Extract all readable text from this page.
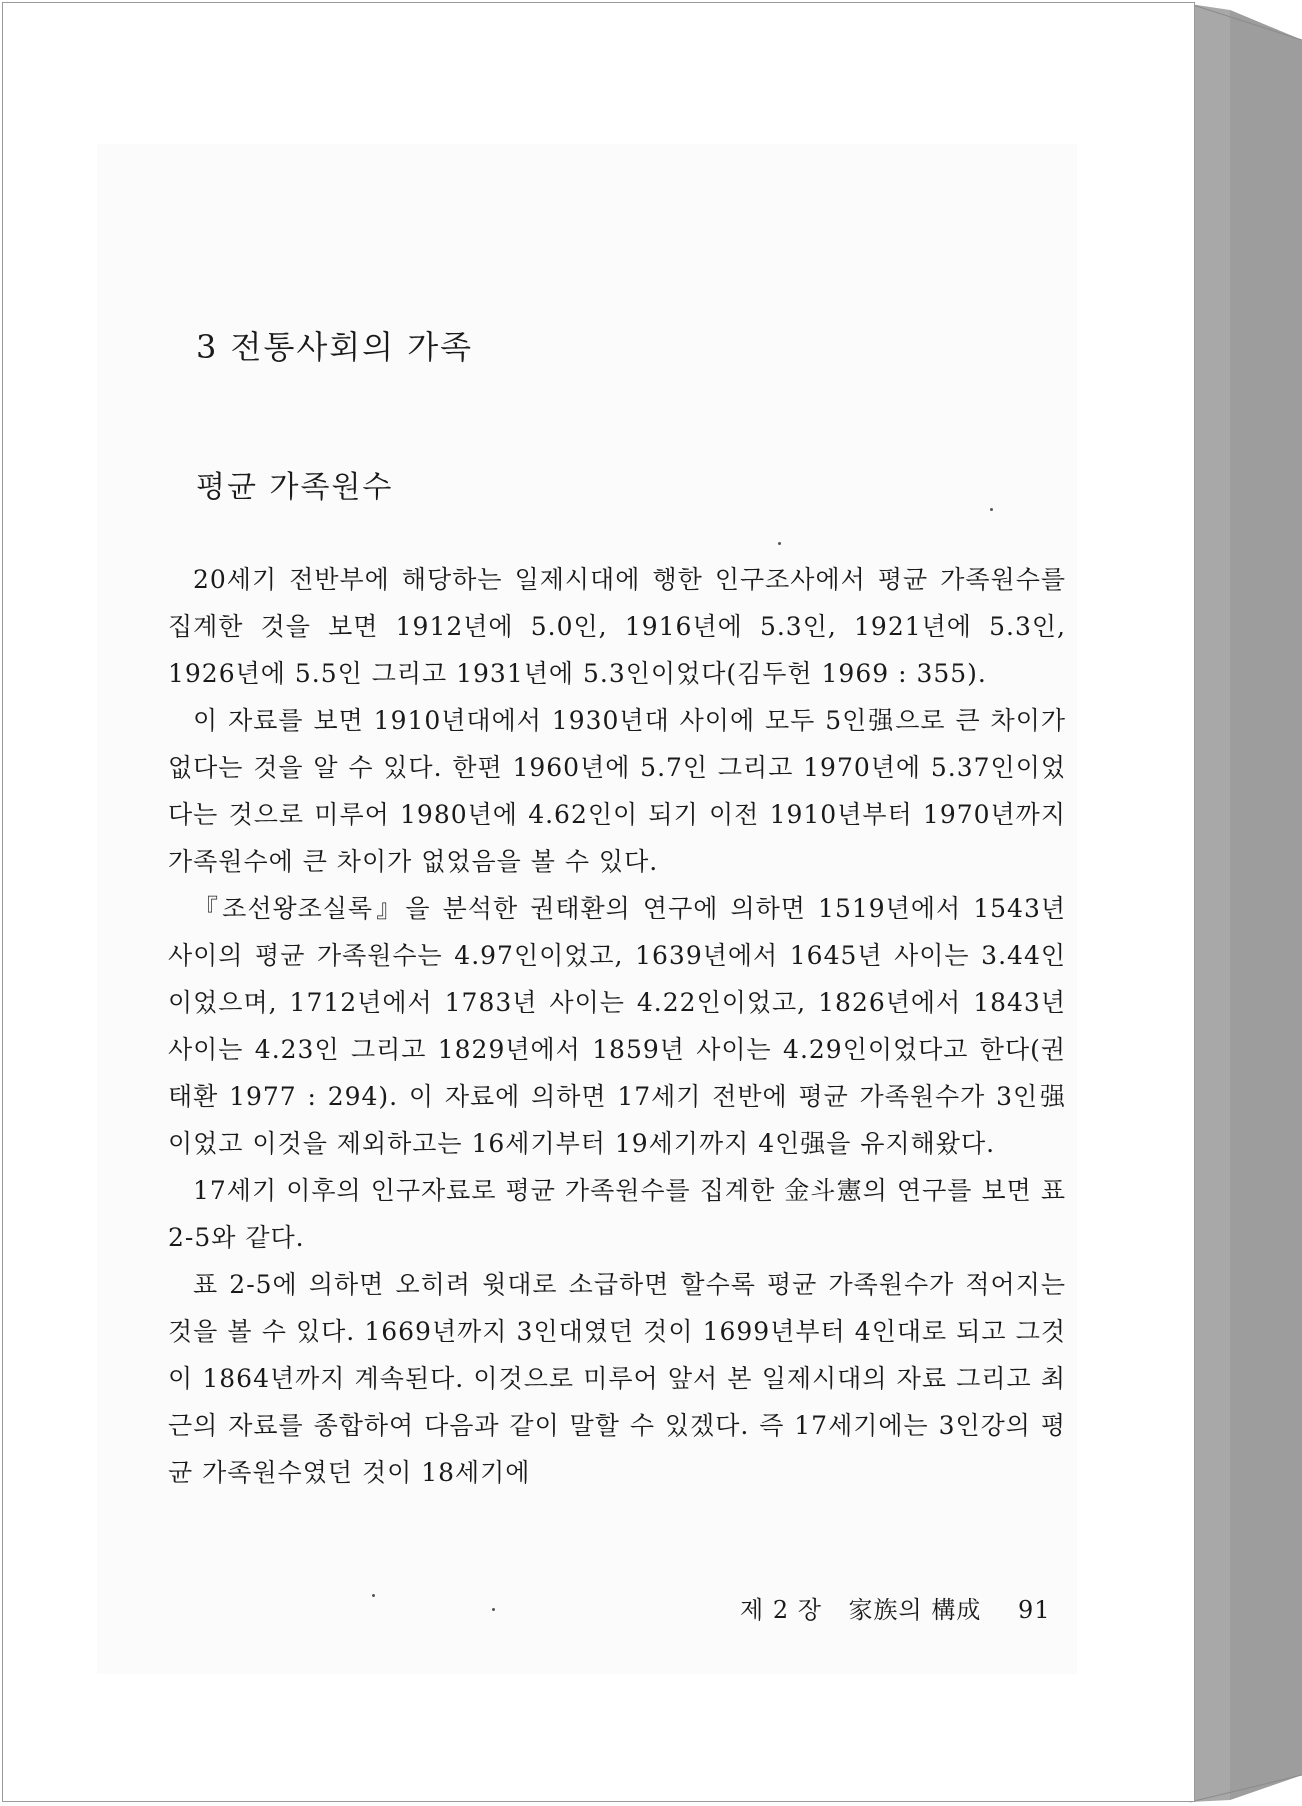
3 전통사회의 가족
평균 가족원수

20세기 전반부에 해당하는 일제시대에 행한 인구조사에서 평균 가족원수를 집계한 것을 보면 1912년에 5.0인, 1916년에 5.3인, 1921년에 5.3인, 1926년에 5.5인 그리고 1931년에 5.3인이었다(김두헌 1969 : 355).

이 자료를 보면 1910년대에서 1930년대 사이에 모두 5인强으로 큰 차이가 없다는 것을 알 수 있다. 한편 1960년에 5.7인 그리고 1970년에 5.37인이었다는 것으로 미루어 1980년에 4.62인이 되기 이전 1910년부터 1970년까지 가족원수에 큰 차이가 없었음을 볼 수 있다.

『조선왕조실록』을 분석한 권태환의 연구에 의하면 1519년에서 1543년 사이의 평균 가족원수는 4.97인이었고, 1639년에서 1645년 사이는 3.44인이었으며, 1712년에서 1783년 사이는 4.22인이었고, 1826년에서 1843년 사이는 4.23인 그리고 1829년에서 1859년 사이는 4.29인이었다고 한다(권태환 1977 : 294). 이 자료에 의하면 17세기 전반에 평균 가족원수가 3인强이었고 이것을 제외하고는 16세기부터 19세기까지 4인强을 유지해왔다.

17세기 이후의 인구자료로 평균 가족원수를 집계한 金斗憲의 연구를 보면 표 2-5와 같다.

표 2-5에 의하면 오히려 윗대로 소급하면 할수록 평균 가족원수가 적어지는 것을 볼 수 있다. 1669년까지 3인대였던 것이 1699년부터 4인대로 되고 그것이 1864년까지 계속된다. 이것으로 미루어 앞서 본 일제시대의 자료 그리고 최근의 자료를 종합하여 다음과 같이 말할 수 있겠다. 즉 17세기에는 3인강의 평균 가족원수였던 것이 18세기에

제 2 장 家族의 構成 91
